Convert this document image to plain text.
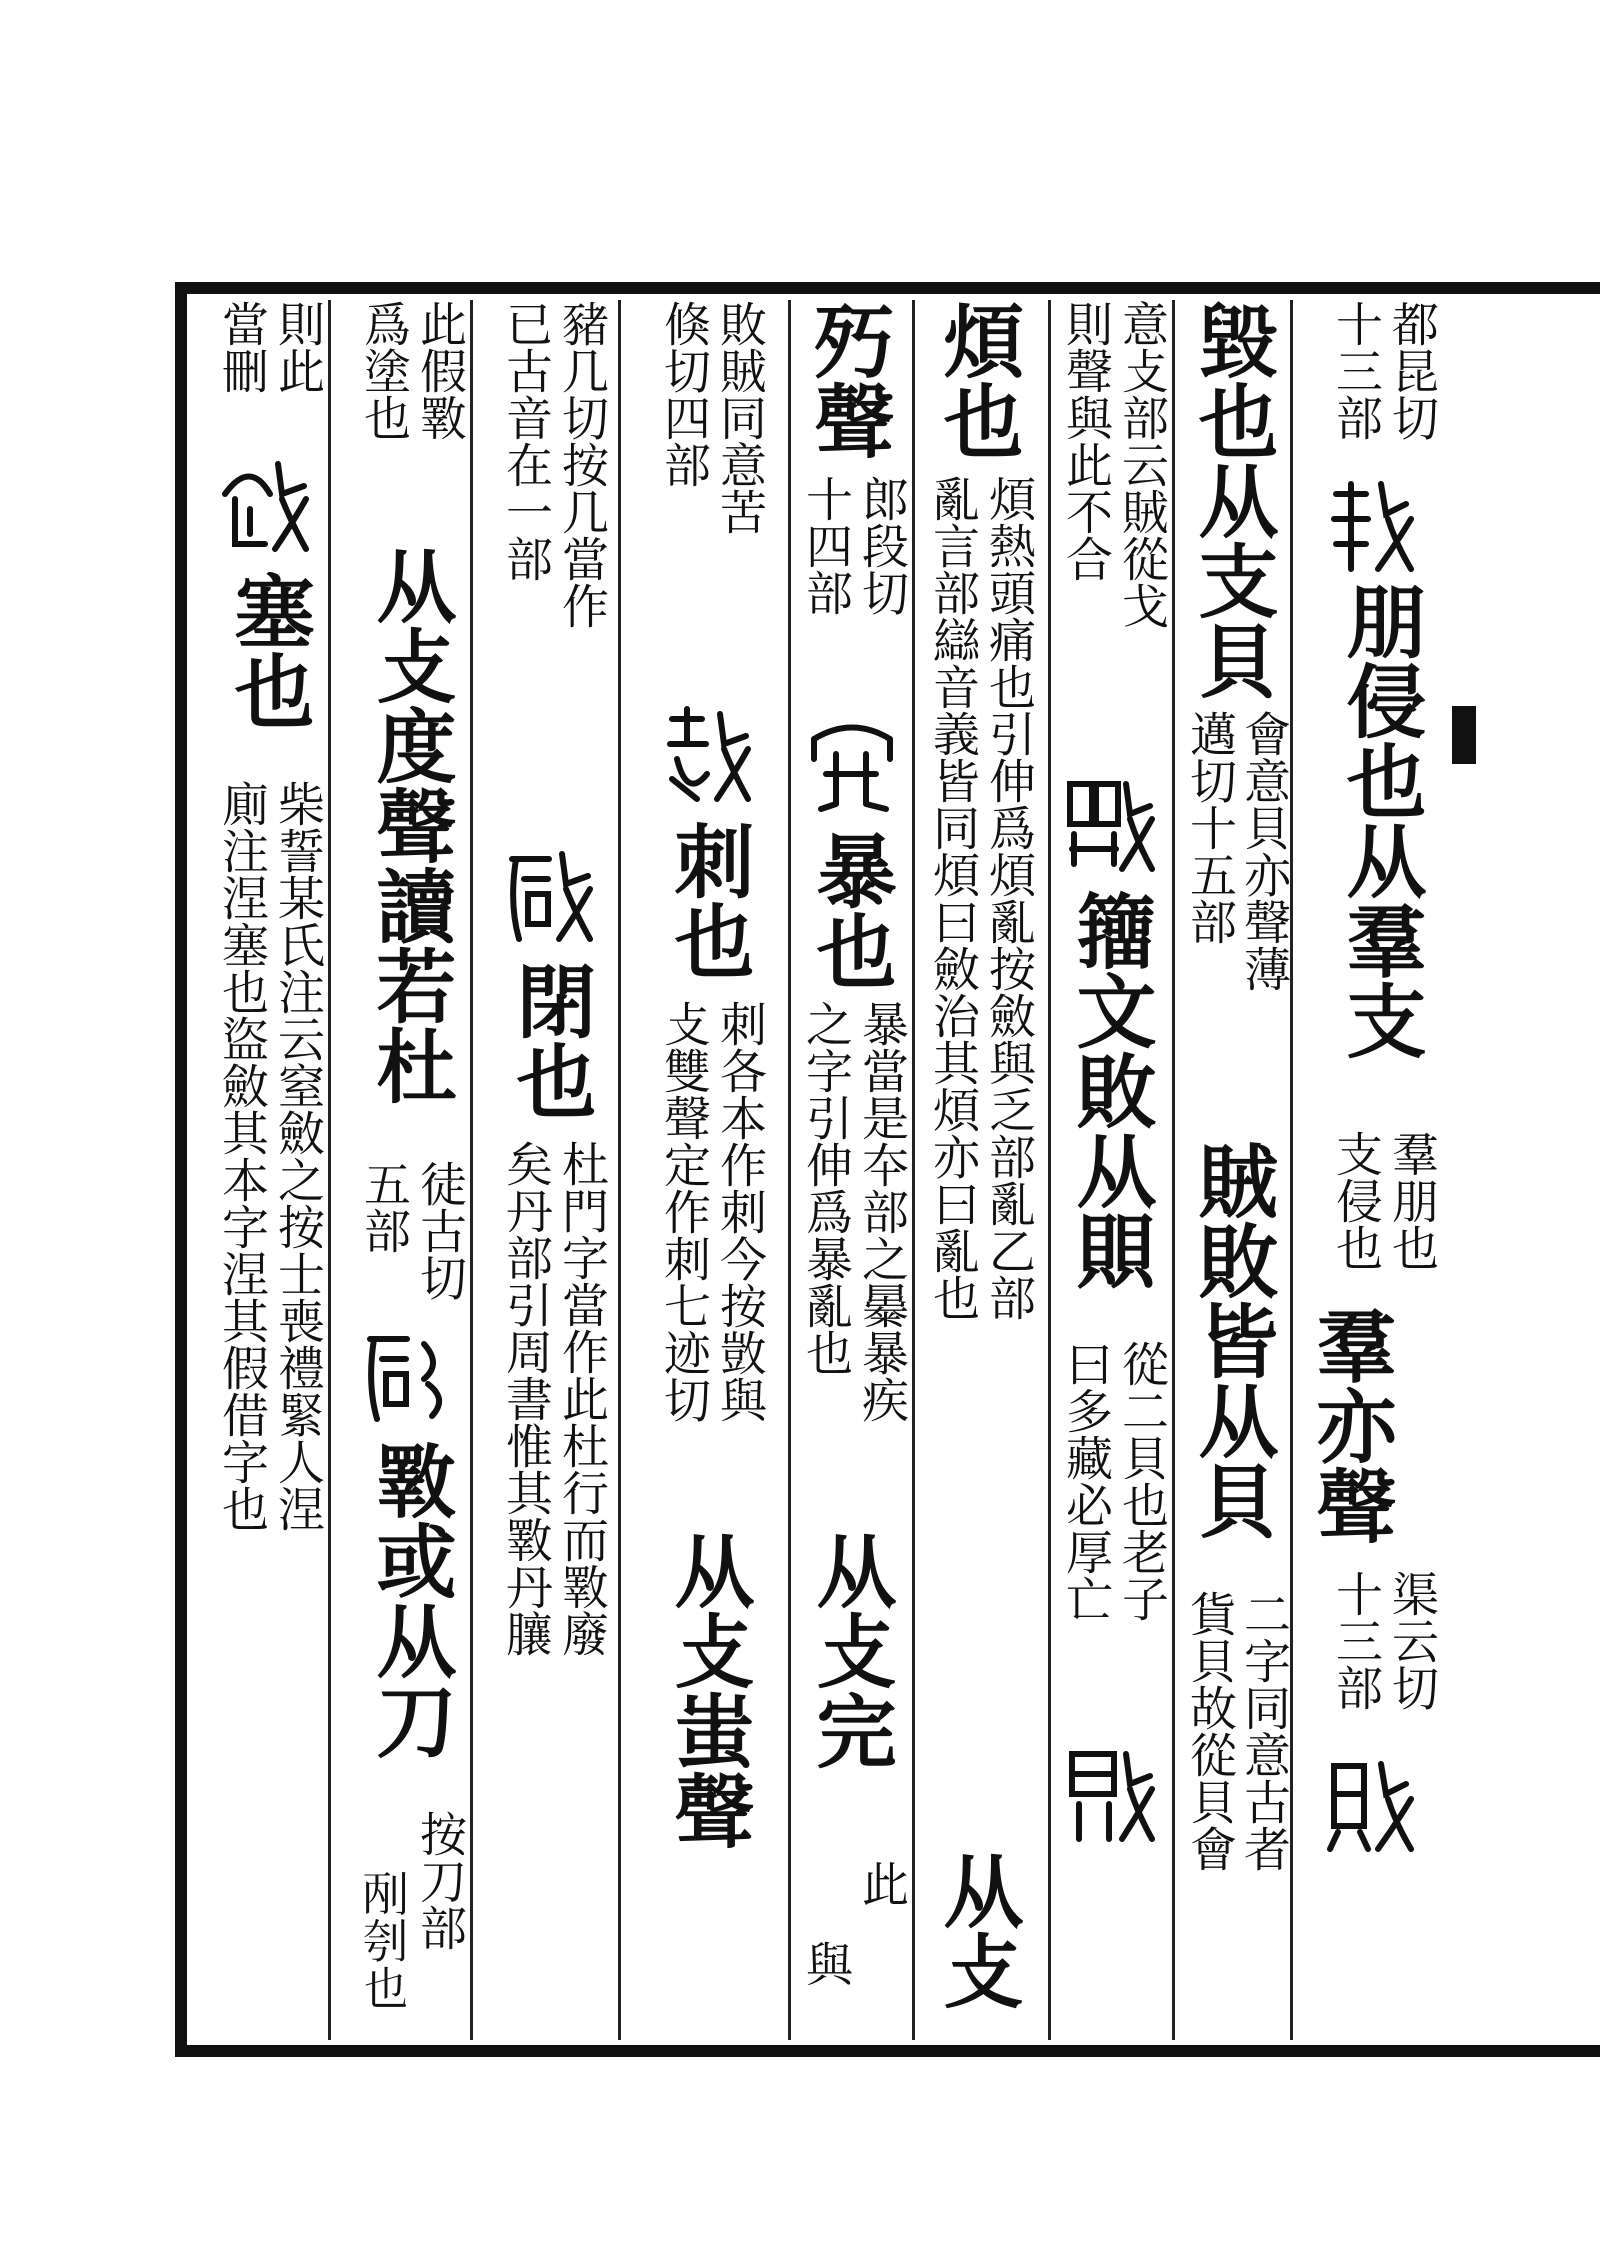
都昆切
十三部
朋侵也从羣支
羣朋也
支侵也
羣亦聲
渠云切
十三部
毀也从支貝
會意貝亦聲薄
邁切十五部
賊敗皆从貝
二字同意古者
貨貝故從貝會
意攴部云賊從戈
則聲與此不合
籒文敗从賏
從二貝也老子
曰多藏必厚亡
煩也
煩熱頭痛也引伸爲煩亂按斂與乏部亂乙部
亂言部䜌音義皆同煩曰斂治其煩亦曰亂也
从攴
㱙聲
郎段切
十四部
暴也
暴當是夲部之㬥暴疾
之字引伸爲暴亂也
从攴完
此
與
敗賊同意苦
倏切四部
刺也
刺各本作刺今按敳與
攴雙聲定作刺七迹切
从攴蚩聲
豬几切按几當作
已古音在一部
閉也
杜門字當作此杜行而斁廢
矣丹部引周書惟其斁丹䑋
此假斁
爲塗也
从攴度聲讀若杜
徒古切
五部
斁或从刀
按刀部
𠛥刳也
則此
當刪
塞也
柴誓某氏注云窒斂之按士喪禮緊人涅
廁注涅塞也盜斂其本字涅其假借字也
